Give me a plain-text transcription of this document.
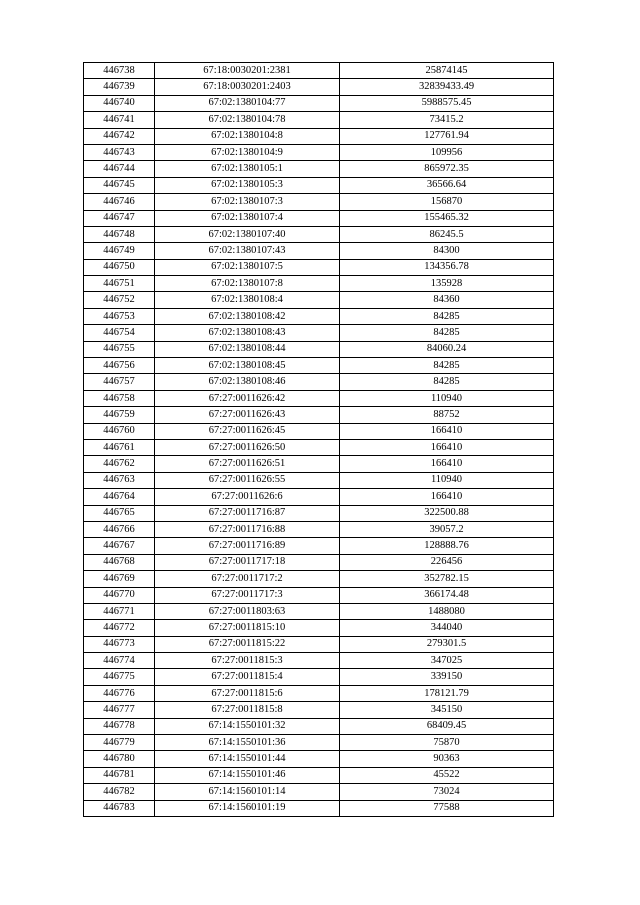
446738	67:18:0030201:2381	25874145
446739	67:18:0030201:2403	32839433.49
446740	67:02:1380104:77	5988575.45
446741	67:02:1380104:78	73415.2
446742	67:02:1380104:8	127761.94
446743	67:02:1380104:9	109956
446744	67:02:1380105:1	865972.35
446745	67:02:1380105:3	36566.64
446746	67:02:1380107:3	156870
446747	67:02:1380107:4	155465.32
446748	67:02:1380107:40	86245.5
446749	67:02:1380107:43	84300
446750	67:02:1380107:5	134356.78
446751	67:02:1380107:8	135928
446752	67:02:1380108:4	84360
446753	67:02:1380108:42	84285
446754	67:02:1380108:43	84285
446755	67:02:1380108:44	84060.24
446756	67:02:1380108:45	84285
446757	67:02:1380108:46	84285
446758	67:27:0011626:42	110940
446759	67:27:0011626:43	88752
446760	67:27:0011626:45	166410
446761	67:27:0011626:50	166410
446762	67:27:0011626:51	166410
446763	67:27:0011626:55	110940
446764	67:27:0011626:6	166410
446765	67:27:0011716:87	322500.88
446766	67:27:0011716:88	39057.2
446767	67:27:0011716:89	128888.76
446768	67:27:0011717:18	226456
446769	67:27:0011717:2	352782.15
446770	67:27:0011717:3	366174.48
446771	67:27:0011803:63	1488080
446772	67:27:0011815:10	344040
446773	67:27:0011815:22	279301.5
446774	67:27:0011815:3	347025
446775	67:27:0011815:4	339150
446776	67:27:0011815:6	178121.79
446777	67:27:0011815:8	345150
446778	67:14:1550101:32	68409.45
446779	67:14:1550101:36	75870
446780	67:14:1550101:44	90363
446781	67:14:1550101:46	45522
446782	67:14:1560101:14	73024
446783	67:14:1560101:19	77588
